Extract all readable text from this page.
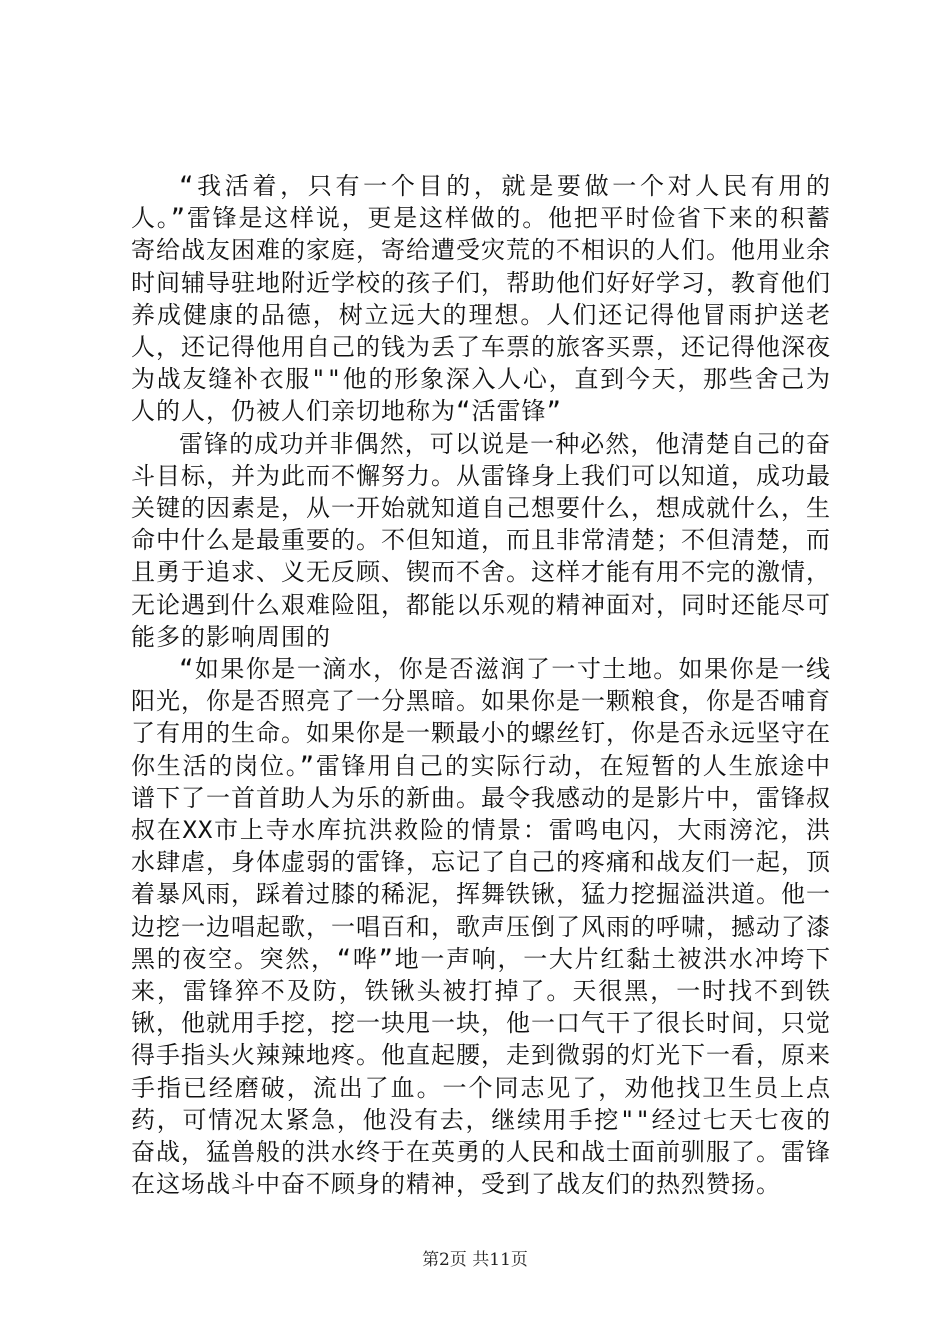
“我活着，只有一个目的，就是要做一个对人民有用的人。”雷锋是这样说，更是这样做的。他把平时俭省下来的积蓄寄给战友困难的家庭，寄给遭受灾荒的不相识的人们。他用业余时间辅导驻地附近学校的孩子们，帮助他们好好学习，教育他们养成健康的品德，树立远大的理想。人们还记得他冒雨护送老人，还记得他用自己的钱为丢了车票的旅客买票，还记得他深夜为战友缝补衣服""他的形象深入人心，直到今天，那些舍己为人的人，仍被人们亲切地称为“活雷锋”

雷锋的成功并非偶然，可以说是一种必然，他清楚自己的奋斗目标，并为此而不懈努力。从雷锋身上我们可以知道，成功最关键的因素是，从一开始就知道自己想要什么，想成就什么，生命中什么是最重要的。不但知道，而且非常清楚；不但清楚，而且勇于追求、义无反顾、锲而不舍。这样才能有用不完的激情，无论遇到什么艰难险阻，都能以乐观的精神面对，同时还能尽可能多的影响周围的

“如果你是一滴水，你是否滋润了一寸土地。如果你是一线阳光，你是否照亮了一分黑暗。如果你是一颗粮食，你是否哺育了有用的生命。如果你是一颗最小的螺丝钉，你是否永远坚守在你生活的岗位。”雷锋用自己的实际行动，在短暂的人生旅途中谱下了一首首助人为乐的新曲。最令我感动的是影片中，雷锋叔叔在XX市上寺水库抗洪救险的情景：雷鸣电闪，大雨滂沱，洪水肆虐，身体虚弱的雷锋，忘记了自己的疼痛和战友们一起，顶着暴风雨，踩着过膝的稀泥，挥舞铁锹，猛力挖掘溢洪道。他一边挖一边唱起歌，一唱百和，歌声压倒了风雨的呼啸，撼动了漆黑的夜空。突然，“哗”地一声响，一大片红黏土被洪水冲垮下来，雷锋猝不及防，铁锹头被打掉了。天很黑，一时找不到铁锹，他就用手挖，挖一块甩一块，他一口气干了很长时间，只觉得手指头火辣辣地疼。他直起腰，走到微弱的灯光下一看，原来手指已经磨破，流出了血。一个同志见了，劝他找卫生员上点药，可情况太紧急，他没有去，继续用手挖""经过七天七夜的奋战，猛兽般的洪水终于在英勇的人民和战士面前驯服了。雷锋在这场战斗中奋不顾身的精神，受到了战友们的热烈赞扬。

第2页 共11页
